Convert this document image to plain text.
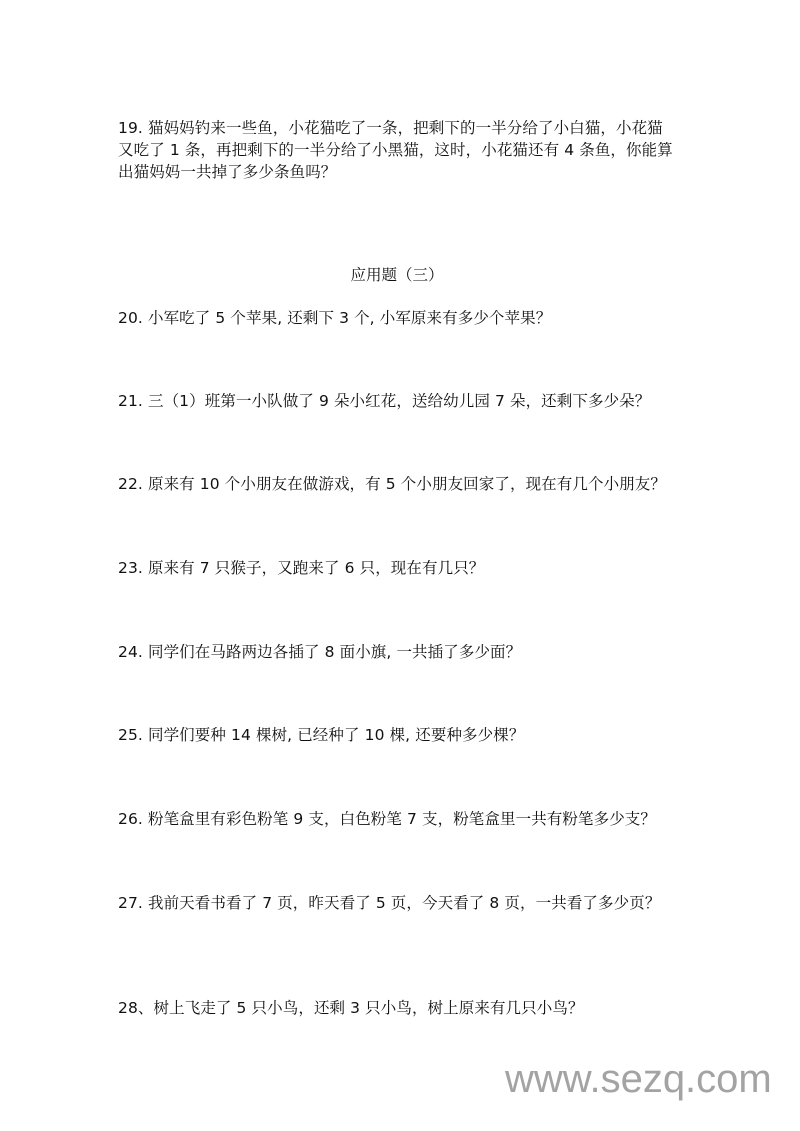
19. 猫妈妈钓来一些鱼，小花猫吃了一条，把剩下的一半分给了小白猫，小花猫
又吃了 1 条，再把剩下的一半分给了小黑猫，这时，小花猫还有 4 条鱼，你能算
出猫妈妈一共掉了多少条鱼吗？
应用题（三）
20. 小军吃了 5 个苹果, 还剩下 3 个, 小军原来有多少个苹果？
21. 三（1）班第一小队做了 9 朵小红花，送给幼儿园 7 朵，还剩下多少朵？
22. 原来有 10 个小朋友在做游戏，有 5 个小朋友回家了，现在有几个小朋友？
23. 原来有 7 只猴子，又跑来了 6 只，现在有几只？
24. 同学们在马路两边各插了 8 面小旗, 一共插了多少面？
25. 同学们要种 14 棵树, 已经种了 10 棵, 还要种多少棵？
26. 粉笔盒里有彩色粉笔 9 支，白色粉笔 7 支，粉笔盒里一共有粉笔多少支？
27. 我前天看书看了 7 页，昨天看了 5 页，今天看了 8 页，一共看了多少页？
28、树上飞走了 5 只小鸟，还剩 3 只小鸟，树上原来有几只小鸟？
www.sezq.com
